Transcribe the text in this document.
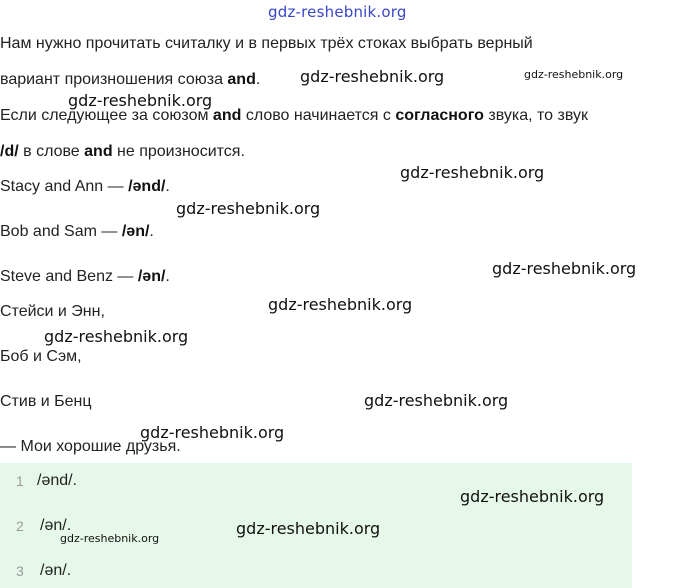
gdz-reshebnik.org
Нам нужно прочитать считалку и в первых трёх стоках выбрать верный
вариант произношения союза and.
Если следующее за союзом and слово начинается с согласного звука, то звук
/d/ в слове and не произносится.
Stacy and Ann — /ənd/.
Bob and Sam — /ən/.
Steve and Benz — /ən/.
Стейси и Энн,
Боб и Сэм,
Стив и Бенц
— Мои хорошие друзья.
1 /ənd/.
2 /ən/.
3 /ən/.
gdz-reshebnik.org	gdz-reshebnik.org
gdz-reshebnik.org
gdz-reshebnik.org
gdz-reshebnik.org
gdz-reshebnik.org
gdz-reshebnik.org
gdz-reshebnik.org
gdz-reshebnik.org
gdz-reshebnik.org
gdz-reshebnik.org
gdz-reshebnik.org
gdz-reshebnik.org
